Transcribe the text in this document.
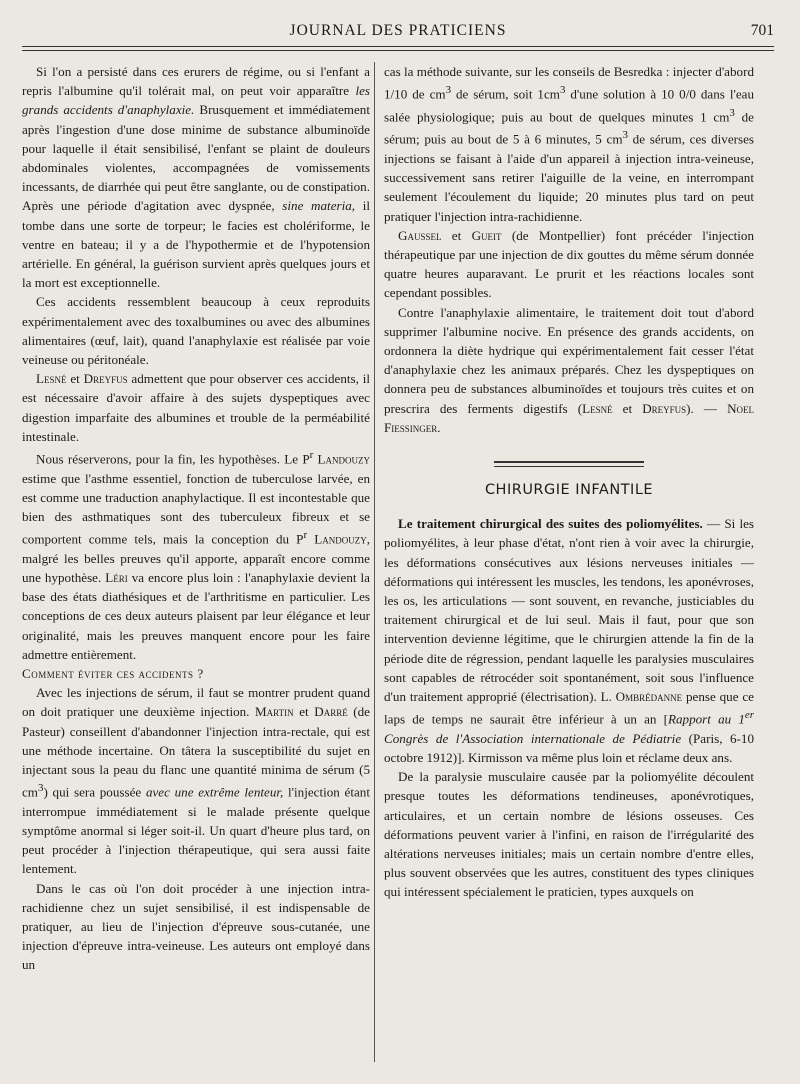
JOURNAL DES PRATICIENS	701

Si l'on a persisté dans ces erurers de régime, ou si l'enfant a repris l'albumine qu'il tolérait mal, on peut voir apparaître les grands accidents d'anaphylaxie. Brusquement et immédiatement après l'ingestion d'une dose minime de substance albuminoïde pour laquelle il était sensibilisé, l'enfant se plaint de douleurs abdominales violentes, accompagnées de vomissements incessants, de diarrhée qui peut être sanglante, ou de constipation. Après une période d'agitation avec dyspnée, sine materia, il tombe dans une sorte de torpeur; le facies est cholériforme, le ventre en bateau; il y a de l'hypothermie et de l'hypotension artérielle. En général, la guérison survient après quelques jours et la mort est exceptionnelle.

Ces accidents ressemblent beaucoup à ceux reproduits expérimentalement avec des toxalbumines ou avec des albumines alimentaires (œuf, lait), quand l'anaphylaxie est réalisée par voie veineuse ou péritonéale.

Lesné et Dreyfus admettent que pour observer ces accidents, il est nécessaire d'avoir affaire à des sujets dyspeptiques avec digestion imparfaite des albumines et trouble de la perméabilité intestinale.

Nous réserverons, pour la fin, les hypothèses. Le $P^r$ Landouzy estime que l'asthme essentiel, fonction de tuberculose larvée, en est comme une traduction anaphylactique. Il est incontestable que bien des asthmatiques sont des tuberculeux fibreux et se comportent comme tels, mais la conception du $P^r$ Landouzy, malgré les belles preuves qu'il apporte, apparaît encore comme une hypothèse. Léri va encore plus loin : l'anaphylaxie devient la base des états diathésiques et de l'arthritisme en particulier. Les conceptions de ces deux auteurs plaisent par leur élégance et leur originalité, mais les preuves manquent encore pour les faire admettre entièrement.

Comment éviter ces accidents ?

Avec les injections de sérum, il faut se montrer prudent quand on doit pratiquer une deuxième injection. Martin et Darré (de Pasteur) conseillent d'abandonner l'injection intra-rectale, qui est une méthode incertaine. On tâtera la susceptibilité du sujet en injectant sous la peau du flanc une quantité minima de sérum (5 $cm^3$) qui sera poussée avec une extrême lenteur, l'injection étant interrompue immédiatement si le malade présente quelque symptôme anormal si léger soit-il. Un quart d'heure plus tard, on peut procéder à l'injection thérapeutique, qui sera aussi faite lentement.

Dans le cas où l'on doit procéder à une injection intra-rachidienne chez un sujet sensibilisé, il est indispensable de pratiquer, au lieu de l'injection d'épreuve sous-cutanée, une injection d'épreuve intra-veineuse. Les auteurs ont employé dans un

cas la méthode suivante, sur les conseils de Besredka : injecter d'abord 1/10 de $cm^3$ de sérum, soit $1cm^3$ d'une solution à 10 0/0 dans l'eau salée physiologique; puis au bout de quelques minutes 1 $cm^3$ de sérum; puis au bout de 5 à 6 minutes, 5 $cm^3$ de sérum, ces diverses injections se faisant à l'aide d'un appareil à injection intra-veineuse, successivement sans retirer l'aiguille de la veine, en interrompant seulement l'écoulement du liquide; 20 minutes plus tard on peut pratiquer l'injection intra-rachidienne.

Gaussel et Gueit (de Montpellier) font précéder l'injection thérapeutique par une injection de dix gouttes du même sérum donnée quatre heures auparavant. Le prurit et les réactions locales sont cependant possibles.

Contre l'anaphylaxie alimentaire, le traitement doit tout d'abord supprimer l'albumine nocive. En présence des grands accidents, on ordonnera la diète hydrique qui expérimentalement fait cesser l'état d'anaphylaxie chez les animaux préparés. Chez les dyspeptiques on donnera peu de substances albuminoïdes et toujours très cuites et on prescrira des ferments digestifs (Lesné et Dreyfus). — Noel Fiessinger.

CHIRURGIE INFANTILE

Le traitement chirurgical des suites des poliomyélites. — Si les poliomyélites, à leur phase d'état, n'ont rien à voir avec la chirurgie, les déformations consécutives aux lésions nerveuses initiales — déformations qui intéressent les muscles, les tendons, les aponévroses, les os, les articulations — sont souvent, en revanche, justiciables du traitement chirurgical et de lui seul. Mais il faut, pour que son intervention devienne légitime, que le chirurgien attende la fin de la période dite de régression, pendant laquelle les paralysies musculaires sont capables de rétrocéder soit spontanément, soit sous l'influence d'un traitement approprié (électrisation). L. Ombrédanne pense que ce laps de temps ne saurait être inférieur à un an [Rapport au 1er Congrès de l'Association internationale de Pédiatrie (Paris, 6-10 octobre 1912)]. Kirmisson va même plus loin et réclame deux ans.

De la paralysie musculaire causée par la poliomyélite découlent presque toutes les déformations tendineuses, aponévrotiques, articulaires, et un certain nombre de lésions osseuses. Ces déformations peuvent varier à l'infini, en raison de l'irrégularité des altérations nerveuses initiales; mais un certain nombre d'entre elles, plus souvent observées que les autres, constituent des types cliniques qui intéressent spécialement le praticien, types auxquels on
